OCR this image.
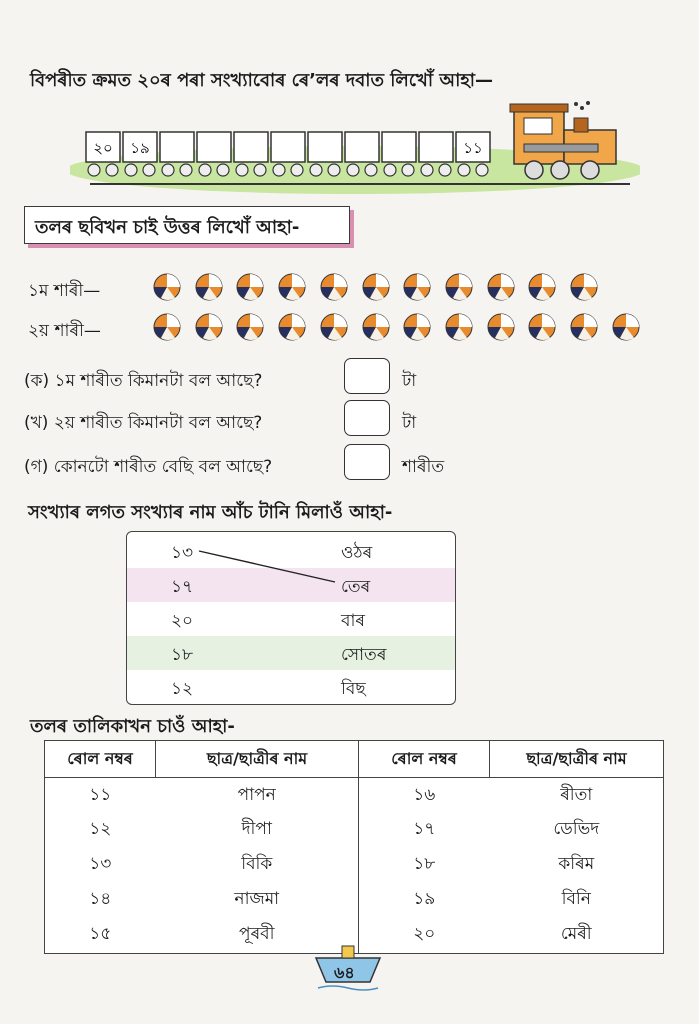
বিপৰীত ক্ৰমত ২০ৰ পৰা সংখ্যাবোৰ ৰে’লৰ দবাত লিখোঁ আহা—
২০ ১৯	১১
তলৰ ছবিখন চাই উত্তৰ লিখোঁ আহা-
১ম শাৰী—
২য় শাৰী—
(ক) ১ম শাৰীত কিমানটা বল আছে?	টা
(খ) ২য় শাৰীত কিমানটা বল আছে?	টা
(গ) কোনটো শাৰীত বেছি বল আছে?	শাৰীত
সংখ্যাৰ লগত সংখ্যাৰ নাম আঁচ টানি মিলাওঁ আহা-
১৩	ওঠৰ
১৭	তেৰ
২০	বাৰ
১৮	সোতৰ
১২	বিছ
তলৰ তালিকাখন চাওঁ আহা-
ৰোল নম্বৰ	ছাত্ৰ/ছাত্ৰীৰ নাম	ৰোল নম্বৰ	ছাত্ৰ/ছাত্ৰীৰ নাম
১১	পাপন	১৬	ৰীতা
১২	দীপা	১৭	ডেভিদ
১৩	বিকি	১৮	কৰিম
১৪	নাজমা	১৯	বিনি
১৫	পূৰবী	২০	মেৰী
৬৪
